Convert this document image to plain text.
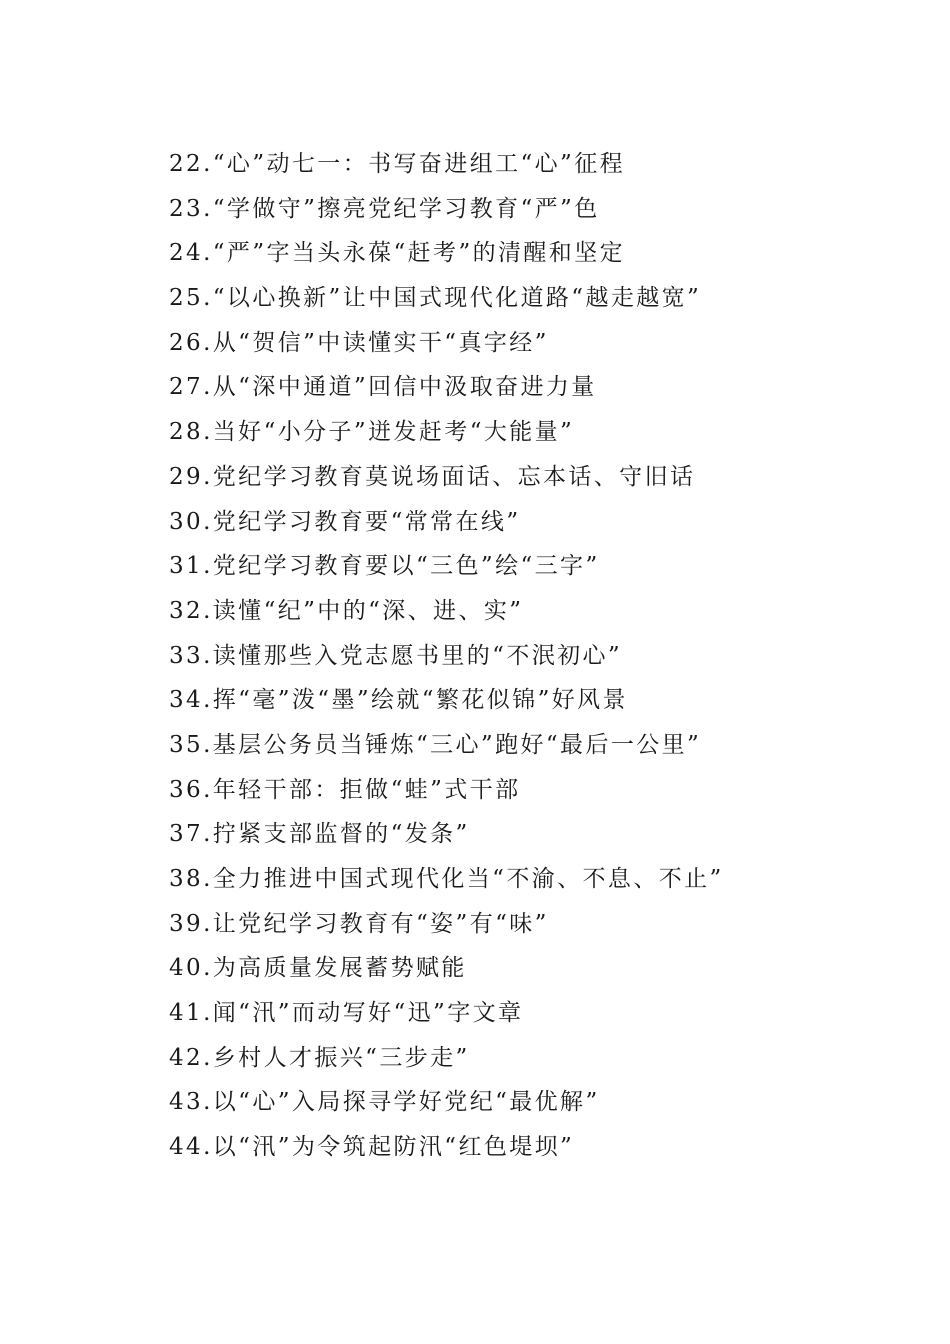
22.“心”动七一：书写奋进组工“心”征程
23.“学做守”擦亮党纪学习教育“严”色
24.“严”字当头永葆“赶考”的清醒和坚定
25.“以心换新”让中国式现代化道路“越走越宽”
26.从“贺信”中读懂实干“真字经”
27.从“深中通道”回信中汲取奋进力量
28.当好“小分子”迸发赶考“大能量”
29.党纪学习教育莫说场面话、忘本话、守旧话
30.党纪学习教育要“常常在线”
31.党纪学习教育要以“三色”绘“三字”
32.读懂“纪”中的“深、进、实”
33.读懂那些入党志愿书里的“不泯初心”
34.挥“毫”泼“墨”绘就“繁花似锦”好风景
35.基层公务员当锤炼“三心”跑好“最后一公里”
36.年轻干部：拒做“蛙”式干部
37.拧紧支部监督的“发条”
38.全力推进中国式现代化当“不渝、不息、不止”
39.让党纪学习教育有“姿”有“味”
40.为高质量发展蓄势赋能
41.闻“汛”而动写好“迅”字文章
42.乡村人才振兴“三步走”
43.以“心”入局探寻学好党纪“最优解”
44.以“汛”为令筑起防汛“红色堤坝”
